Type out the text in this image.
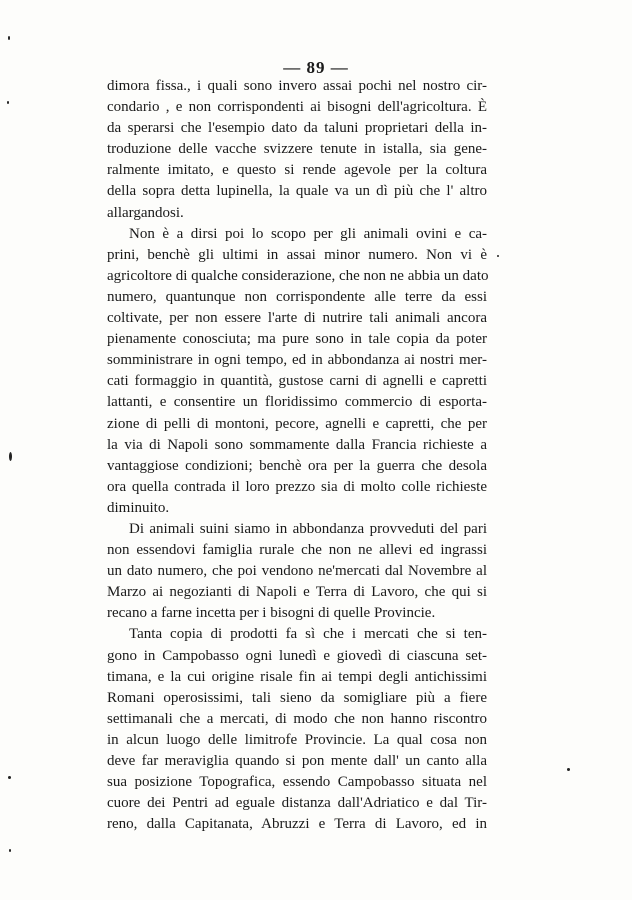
— 89 —
dimora fissa., i quali sono invero assai pochi nel nostro cir-
condario , e non corrispondenti ai bisogni dell'agricoltura. È
da sperarsi che l'esempio dato da taluni proprietari della in-
troduzione delle vacche svizzere tenute in istalla, sia gene-
ralmente imitato, e questo si rende agevole per la coltura
della sopra detta lupinella, la quale va un dì più che l' altro
allargandosi.
Non è a dirsi poi lo scopo per gli animali ovini e ca-
prini, benchè gli ultimi in assai minor numero. Non vi è
agricoltore di qualche considerazione, che non ne abbia un dato
numero, quantunque non corrispondente alle terre da essi
coltivate, per non essere l'arte di nutrire tali animali ancora
pienamente conosciuta; ma pure sono in tale copia da poter
somministrare in ogni tempo, ed in abbondanza ai nostri mer-
cati formaggio in quantità, gustose carni di agnelli e capretti
lattanti, e consentire un floridissimo commercio di esporta-
zione di pelli di montoni, pecore, agnelli e capretti, che per
la via di Napoli sono sommamente dalla Francia richieste a
vantaggiose condizioni; benchè ora per la guerra che desola
ora quella contrada il loro prezzo sia di molto colle richieste
diminuito.
Di animali suini siamo in abbondanza provveduti del pari
non essendovi famiglia rurale che non ne allevi ed ingrassi
un dato numero, che poi vendono ne'mercati dal Novembre al
Marzo ai negozianti di Napoli e Terra di Lavoro, che qui si
recano a farne incetta per i bisogni di quelle Provincie.
Tanta copia di prodotti fa sì che i mercati che si ten-
gono in Campobasso ogni lunedì e giovedì di ciascuna set-
timana, e la cui origine risale fin ai tempi degli antichissimi
Romani operosissimi, tali sieno da somigliare più a fiere
settimanali che a mercati, di modo che non hanno riscontro
in alcun luogo delle limitrofe Provincie. La qual cosa non
deve far meraviglia quando si pon mente dall' un canto alla
sua posizione Topografica, essendo Campobasso situata nel
cuore dei Pentri ad eguale distanza dall'Adriatico e dal Tir-
reno, dalla Capitanata, Abruzzi e Terra di Lavoro, ed in
